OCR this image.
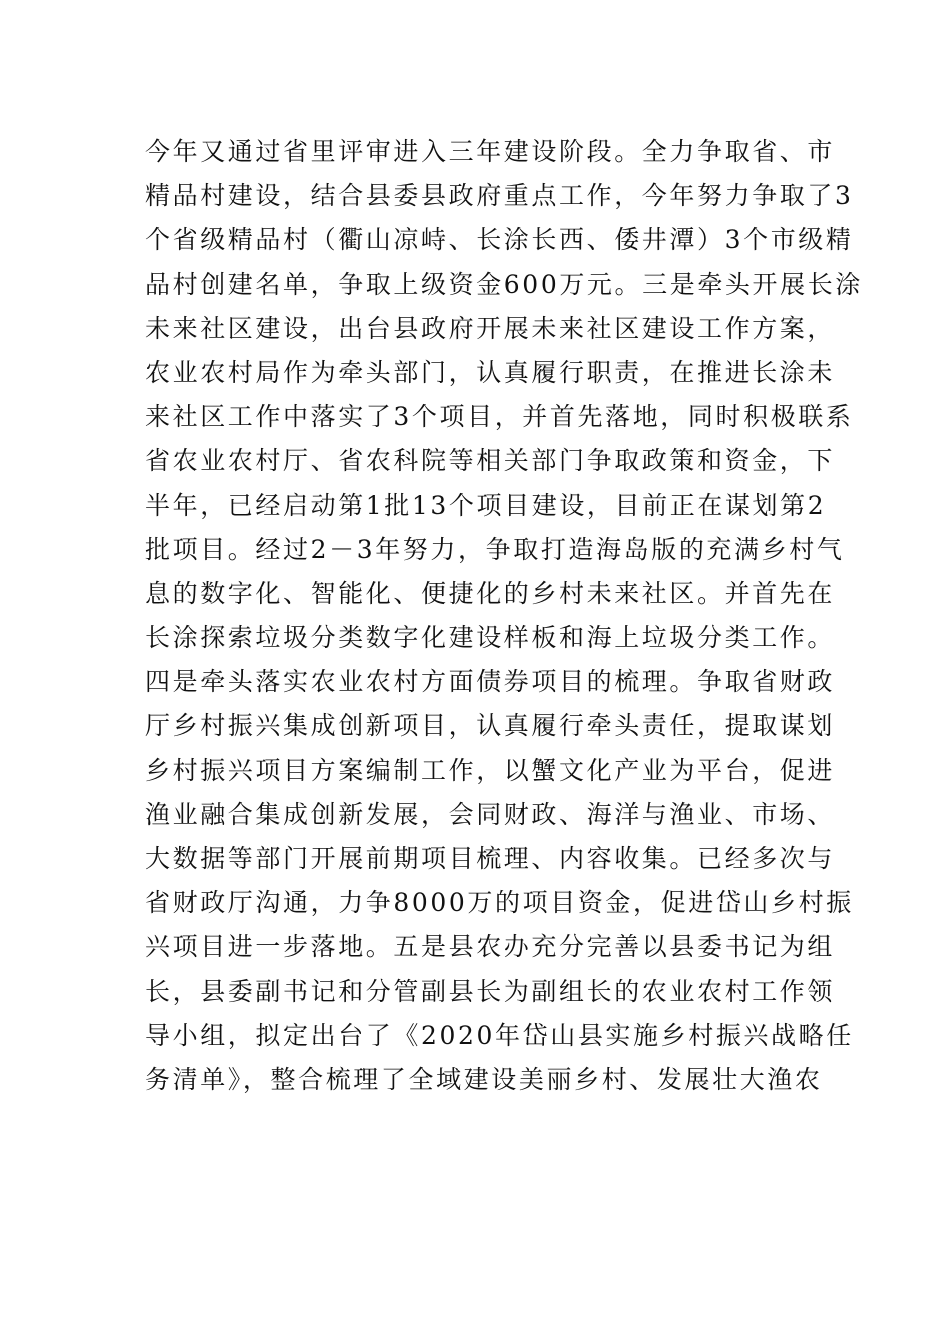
今年又通过省里评审进入三年建设阶段。全力争取省、市
精品村建设，结合县委县政府重点工作，今年努力争取了3
个省级精品村（衢山凉峙、长涂长西、倭井潭）3个市级精
品村创建名单，争取上级资金600万元。三是牵头开展长涂
未来社区建设，出台县政府开展未来社区建设工作方案，
农业农村局作为牵头部门，认真履行职责，在推进长涂未
来社区工作中落实了3个项目，并首先落地，同时积极联系
省农业农村厅、省农科院等相关部门争取政策和资金，下
半年，已经启动第1批13个项目建设，目前正在谋划第2
批项目。经过2－3年努力，争取打造海岛版的充满乡村气
息的数字化、智能化、便捷化的乡村未来社区。并首先在
长涂探索垃圾分类数字化建设样板和海上垃圾分类工作。
四是牵头落实农业农村方面债券项目的梳理。争取省财政
厅乡村振兴集成创新项目，认真履行牵头责任，提取谋划
乡村振兴项目方案编制工作，以蟹文化产业为平台，促进
渔业融合集成创新发展，会同财政、海洋与渔业、市场、
大数据等部门开展前期项目梳理、内容收集。已经多次与
省财政厅沟通，力争8000万的项目资金，促进岱山乡村振
兴项目进一步落地。五是县农办充分完善以县委书记为组
长，县委副书记和分管副县长为副组长的农业农村工作领
导小组，拟定出台了《2020年岱山县实施乡村振兴战略任
务清单》，整合梳理了全域建设美丽乡村、发展壮大渔农
